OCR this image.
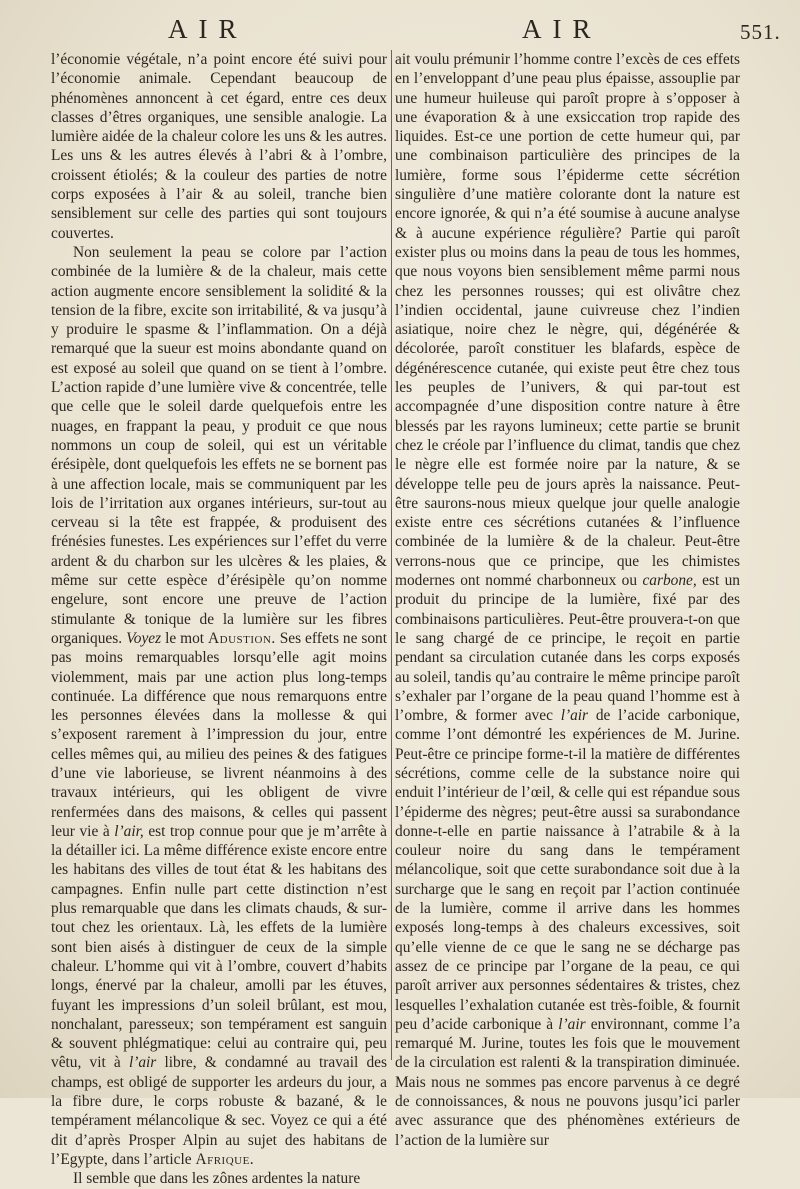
AIR	AIR	551.

l’économie végétale, n’a point encore été suivi pour l’économie animale. Cependant beaucoup de phénomènes annoncent à cet égard, entre ces deux classes d’êtres organiques, une sensible analogie. La lumière aidée de la chaleur colore les uns & les autres. Les uns & les autres élevés à l’abri & à l’ombre, croissent étiolés; & la couleur des parties de notre corps exposées à l’air & au soleil, tranche bien sensiblement sur celle des parties qui sont toujours couvertes.

Non seulement la peau se colore par l’action combinée de la lumière & de la chaleur, mais cette action augmente encore sensiblement la solidité & la tension de la fibre, excite son irritabilité, & va jusqu’à y produire le spasme & l’inflammation. On a déjà remarqué que la sueur est moins abondante quand on est exposé au soleil que quand on se tient à l’ombre. L’action rapide d’une lumière vive & concentrée, telle que celle que le soleil darde quelquefois entre les nuages, en frappant la peau, y produit ce que nous nommons un coup de soleil, qui est un véritable érésipèle, dont quelquefois les effets ne se bornent pas à une affection locale, mais se communiquent par les lois de l’irritation aux organes intérieurs, sur-tout au cerveau si la tête est frappée, & produisent des frénésies funestes. Les expériences sur l’effet du verre ardent & du charbon sur les ulcères & les plaies, & même sur cette espèce d’érésipèle qu’on nomme engelure, sont encore une preuve de l’action stimulante & tonique de la lumière sur les fibres organiques. Voyez le mot Adustion. Ses effets ne sont pas moins remarquables lorsqu’elle agit moins violemment, mais par une action plus long-temps continuée. La différence que nous remarquons entre les personnes élevées dans la mollesse & qui s’exposent rarement à l’impression du jour, entre celles mêmes qui, au milieu des peines & des fatigues d’une vie laborieuse, se livrent néanmoins à des travaux intérieurs, qui les obligent de vivre renfermées dans des maisons, & celles qui passent leur vie à l’air, est trop connue pour que je m’arrête à la détailler ici. La même différence existe encore entre les habitans des villes de tout état & les habitans des campagnes. Enfin nulle part cette distinction n’est plus remarquable que dans les climats chauds, & sur-tout chez les orientaux. Là, les effets de la lumière sont bien aisés à distinguer de ceux de la simple chaleur. L’homme qui vit à l’ombre, couvert d’habits longs, énervé par la chaleur, amolli par les étuves, fuyant les impressions d’un soleil brûlant, est mou, nonchalant, paresseux; son tempérament est sanguin & souvent phlégmatique: celui au contraire qui, peu vêtu, vit à l’air libre, & condamné au travail des champs, est obligé de supporter les ardeurs du jour, a la fibre dure, le corps robuste & bazané, & le tempérament mélancolique & sec. Voyez ce qui a été dit d’après Prosper Alpin au sujet des habitans de l’Egypte, dans l’article Afrique.

Il semble que dans les zônes ardentes la nature

ait voulu prémunir l’homme contre l’excès de ces effets en l’enveloppant d’une peau plus épaisse, assouplie par une humeur huileuse qui paroît propre à s’opposer à une évaporation & à une exsiccation trop rapide des liquides. Est-ce une portion de cette humeur qui, par une combinaison particulière des principes de la lumière, forme sous l’épiderme cette sécrétion singulière d’une matière colorante dont la nature est encore ignorée, & qui n’a été soumise à aucune analyse & à aucune expérience régulière? Partie qui paroît exister plus ou moins dans la peau de tous les hommes, que nous voyons bien sensiblement même parmi nous chez les personnes rousses; qui est olivâtre chez l’indien occidental, jaune cuivreuse chez l’indien asiatique, noire chez le nègre, qui, dégénérée & décolorée, paroît constituer les blafards, espèce de dégénérescence cutanée, qui existe peut être chez tous les peuples de l’univers, & qui par-tout est accompagnée d’une disposition contre nature à être blessés par les rayons lumineux; cette partie se brunit chez le créole par l’influence du climat, tandis que chez le nègre elle est formée noire par la nature, & se développe telle peu de jours après la naissance. Peut-être saurons-nous mieux quelque jour quelle analogie existe entre ces sécrétions cutanées & l’influence combinée de la lumière & de la chaleur. Peut-être verrons-nous que ce principe, que les chimistes modernes ont nommé charbonneux ou carbone, est un produit du principe de la lumière, fixé par des combinaisons particulières. Peut-être prouvera-t-on que le sang chargé de ce principe, le reçoit en partie pendant sa circulation cutanée dans les corps exposés au soleil, tandis qu’au contraire le même principe paroît s’exhaler par l’organe de la peau quand l’homme est à l’ombre, & former avec l’air de l’acide carbonique, comme l’ont démontré les expériences de M. Jurine. Peut-être ce principe forme-t-il la matière de différentes sécrétions, comme celle de la substance noire qui enduit l’intérieur de l’œil, & celle qui est répandue sous l’épiderme des nègres; peut-être aussi sa surabondance donne-t-elle en partie naissance à l’atrabile & à la couleur noire du sang dans le tempérament mélancolique, soit que cette surabondance soit due à la surcharge que le sang en reçoit par l’action continuée de la lumière, comme il arrive dans les hommes exposés long-temps à des chaleurs excessives, soit qu’elle vienne de ce que le sang ne se décharge pas assez de ce principe par l’organe de la peau, ce qui paroît arriver aux personnes sédentaires & tristes, chez lesquelles l’exhalation cutanée est très-foible, & fournit peu d’acide carbonique à l’air environnant, comme l’a remarqué M. Jurine, toutes les fois que le mouvement de la circulation est ralenti & la transpiration diminuée. Mais nous ne sommes pas encore parvenus à ce degré de connoissances, & nous ne pouvons jusqu’ici parler avec assurance que des phénomènes extérieurs de l’action de la lumière sur
